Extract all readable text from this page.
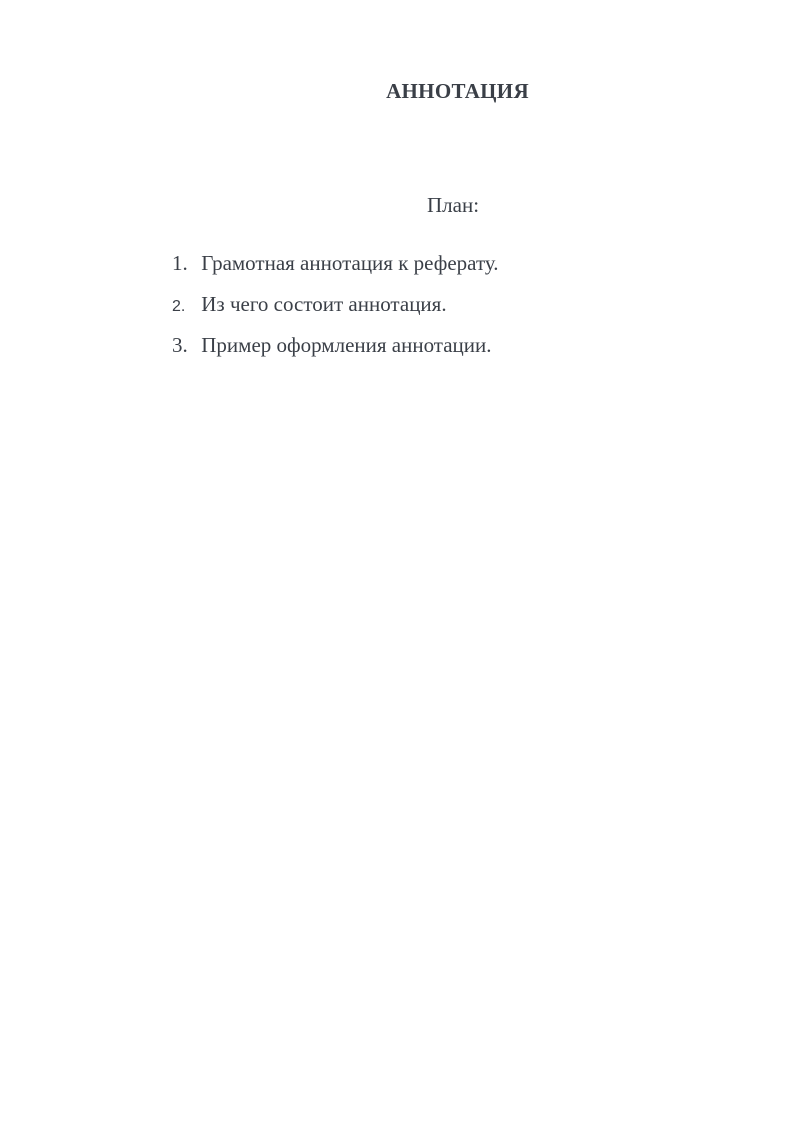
АННОТАЦИЯ

План:

1. Грамотная аннотация к реферату.
2. Из чего состоит аннотация.
3. Пример оформления аннотации.
